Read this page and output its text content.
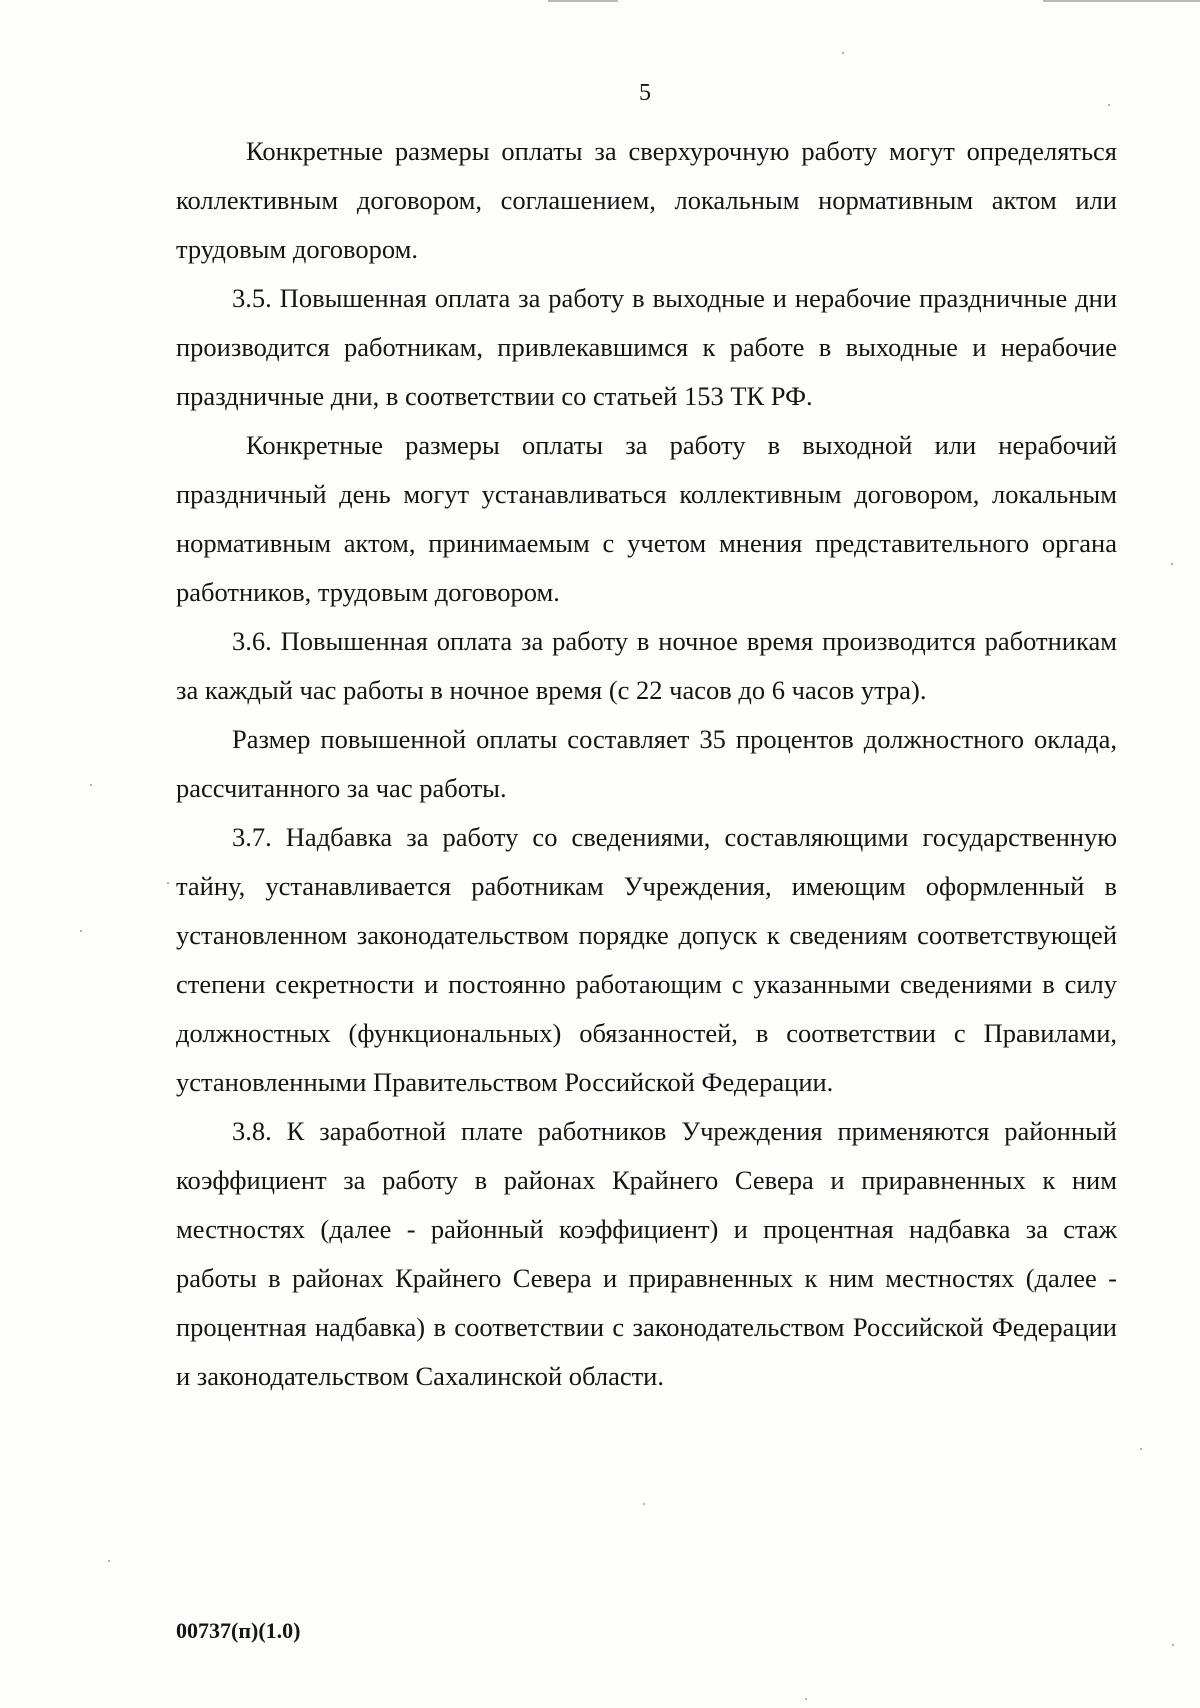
5

Конкретные размеры оплаты за сверхурочную работу могут определяться коллективным договором, соглашением, локальным нормативным актом или трудовым договором.

3.5. Повышенная оплата за работу в выходные и нерабочие праздничные дни производится работникам, привлекавшимся к работе в выходные и нерабочие праздничные дни, в соответствии со статьей 153 ТК РФ.

Конкретные размеры оплаты за работу в выходной или нерабочий праздничный день могут устанавливаться коллективным договором, локальным нормативным актом, принимаемым с учетом мнения представительного органа работников, трудовым договором.

3.6. Повышенная оплата за работу в ночное время производится работникам за каждый час работы в ночное время (с 22 часов до 6 часов утра).

Размер повышенной оплаты составляет 35 процентов должностного оклада, рассчитанного за час работы.

3.7. Надбавка за работу со сведениями, составляющими государственную тайну, устанавливается работникам Учреждения, имеющим оформленный в установленном законодательством порядке допуск к сведениям соответствующей степени секретности и постоянно работающим с указанными сведениями в силу должностных (функциональных) обязанностей, в соответствии с Правилами, установленными Правительством Российской Федерации.

3.8. К заработной плате работников Учреждения применяются районный коэффициент за работу в районах Крайнего Севера и приравненных к ним местностях (далее - районный коэффициент) и процентная надбавка за стаж работы в районах Крайнего Севера и приравненных к ним местностях (далее - процентная надбавка) в соответствии с законодательством Российской Федерации и законодательством Сахалинской области.

00737(п)(1.0)
